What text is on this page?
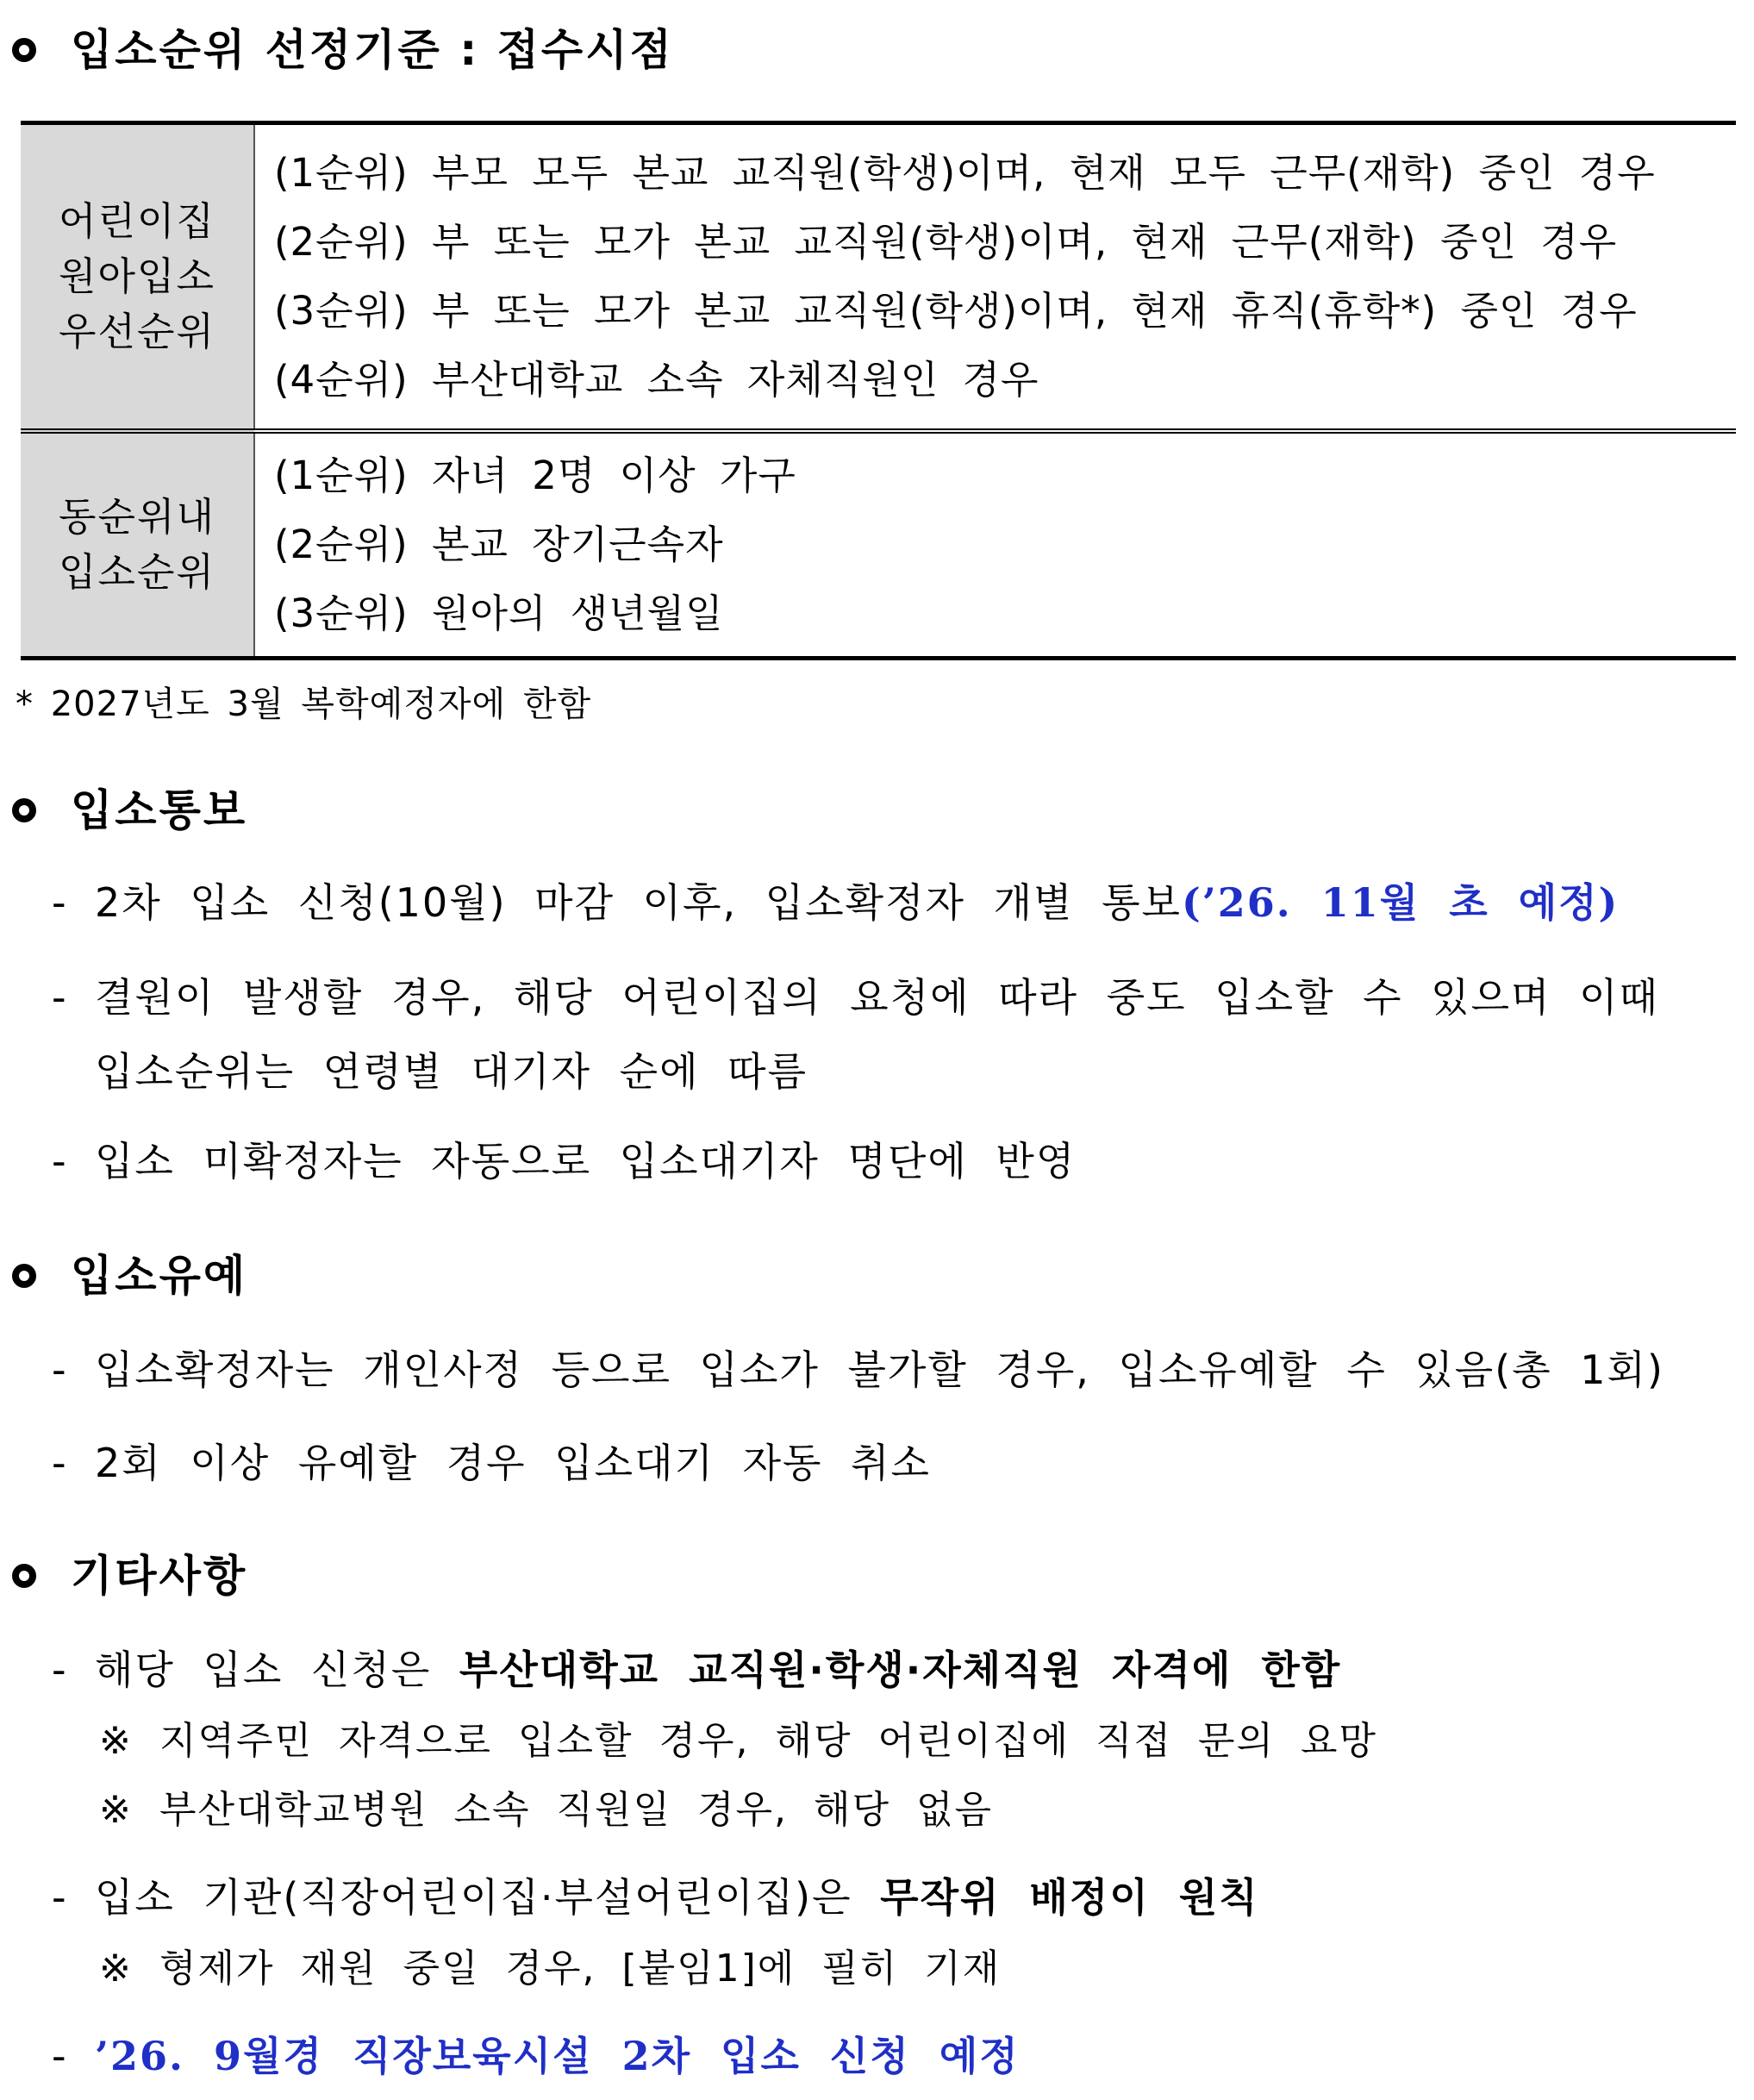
입소순위 선정기준 : 접수시점
어린이집
원아입소
우선순위	(1순위) 부모 모두 본교 교직원(학생)이며, 현재 모두 근무(재학) 중인 경우
(2순위) 부 또는 모가 본교 교직원(학생)이며, 현재 근무(재학) 중인 경우
(3순위) 부 또는 모가 본교 교직원(학생)이며, 현재 휴직(휴학*) 중인 경우
(4순위) 부산대학교 소속 자체직원인 경우

동순위내
입소순위	(1순위) 자녀 2명 이상 가구
(2순위) 본교 장기근속자
(3순위) 원아의 생년월일
* 2027년도 3월 복학예정자에 한함
입소통보
- 2차 입소 신청(10월) 마감 이후, 입소확정자 개별 통보(’26. 11월 초 예정)
- 결원이 발생할 경우, 해당 어린이집의 요청에 따라 중도 입소할 수 있으며 이때
입소순위는 연령별 대기자 순에 따름
- 입소 미확정자는 자동으로 입소대기자 명단에 반영
입소유예
- 입소확정자는 개인사정 등으로 입소가 불가할 경우, 입소유예할 수 있음(총 1회)
- 2회 이상 유예할 경우 입소대기 자동 취소
기타사항
- 해당 입소 신청은 부산대학교 교직원·학생·자체직원 자격에 한함
※ 지역주민 자격으로 입소할 경우, 해당 어린이집에 직접 문의 요망
※ 부산대학교병원 소속 직원일 경우, 해당 없음
- 입소 기관(직장어린이집·부설어린이집)은 무작위 배정이 원칙
※ 형제가 재원 중일 경우, [붙임1]에 필히 기재
- ’26. 9월경 직장보육시설 2차 입소 신청 예정
